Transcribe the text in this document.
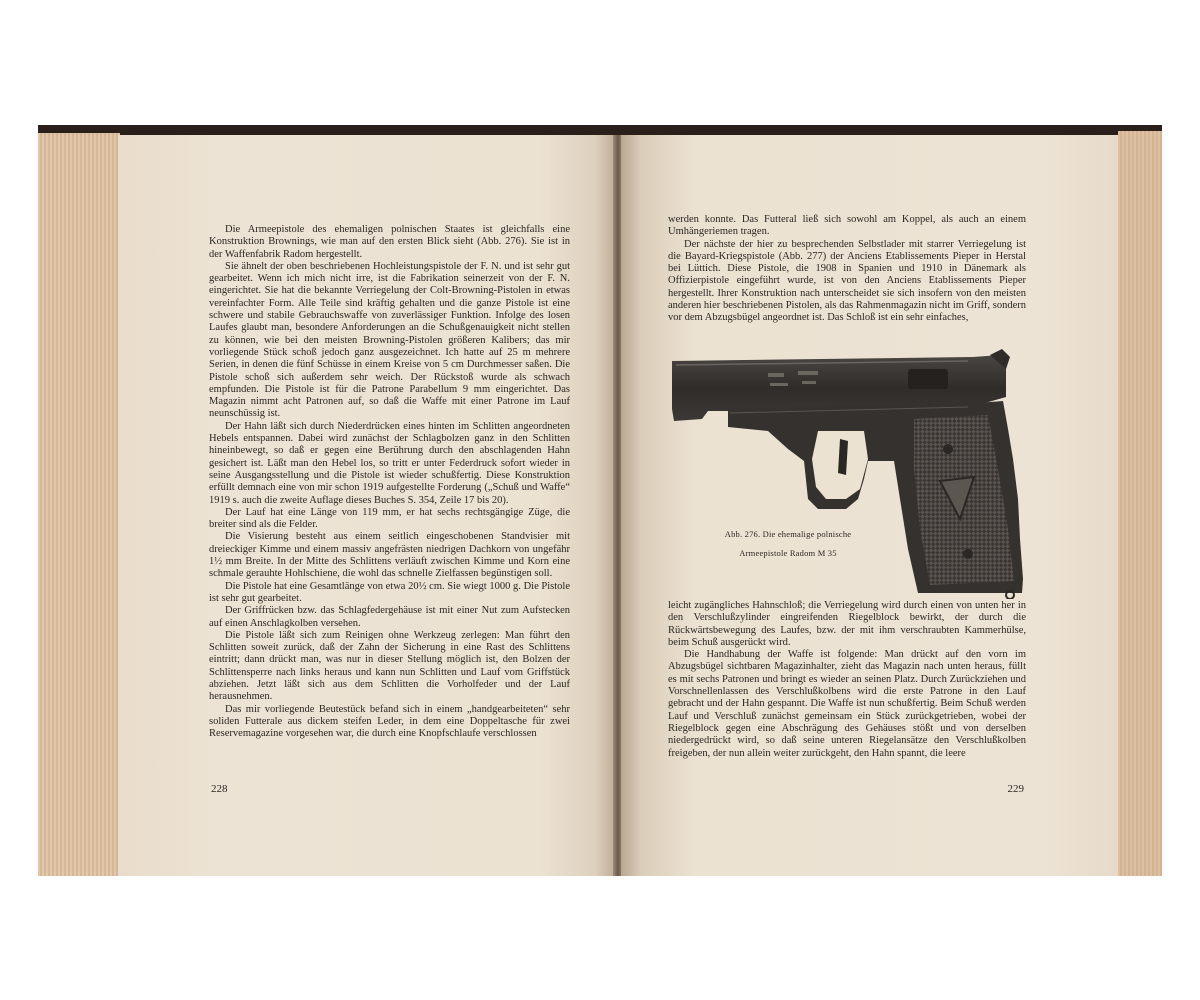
Die Armeepistole des ehemaligen polnischen Staates ist gleichfalls eine Konstruktion Brownings, wie man auf den ersten Blick sieht (Abb. 276). Sie ist in der Waffenfabrik Radom hergestellt.

Sie ähnelt der oben beschriebenen Hochleistungspistole der F. N. und ist sehr gut gearbeitet. Wenn ich mich nicht irre, ist die Fabrikation seinerzeit von der F. N. eingerichtet. Sie hat die bekannte Verriegelung der Colt-Browning-Pistolen in etwas vereinfachter Form. Alle Teile sind kräftig gehalten und die ganze Pistole ist eine schwere und stabile Gebrauchswaffe von zuverlässiger Funktion. Infolge des losen Laufes glaubt man, besondere Anforderungen an die Schußgenauigkeit nicht stellen zu können, wie bei den meisten Browning-Pistolen größeren Kalibers; das mir vorliegende Stück schoß jedoch ganz ausgezeichnet. Ich hatte auf 25 m mehrere Serien, in denen die fünf Schüsse in einem Kreise von 5 cm Durchmesser saßen. Die Pistole schoß sich außerdem sehr weich. Der Rückstoß wurde als schwach empfunden. Die Pistole ist für die Patrone Parabellum 9 mm eingerichtet. Das Magazin nimmt acht Patronen auf, so daß die Waffe mit einer Patrone im Lauf neunschüssig ist.

Der Hahn läßt sich durch Niederdrücken eines hinten im Schlitten angeordneten Hebels entspannen. Dabei wird zunächst der Schlagbolzen ganz in den Schlitten hineinbewegt, so daß er gegen eine Berührung durch den abschlagenden Hahn gesichert ist. Läßt man den Hebel los, so tritt er unter Federdruck sofort wieder in seine Ausgangsstellung und die Pistole ist wieder schußfertig. Diese Konstruktion erfüllt demnach eine von mir schon 1919 aufgestellte Forderung („Schuß und Waffe“ 1919 s. auch die zweite Auflage dieses Buches S. 354, Zeile 17 bis 20).

Der Lauf hat eine Länge von 119 mm, er hat sechs rechtsgängige Züge, die breiter sind als die Felder.

Die Visierung besteht aus einem seitlich eingeschobenen Standvisier mit dreieckiger Kimme und einem massiv angefrästen niedrigen Dachkorn von ungefähr 1½ mm Breite. In der Mitte des Schlittens verläuft zwischen Kimme und Korn eine schmale gerauhte Hohlschiene, die wohl das schnelle Zielfassen begünstigen soll.

Die Pistole hat eine Gesamtlänge von etwa 20½ cm. Sie wiegt 1000 g. Die Pistole ist sehr gut gearbeitet.

Der Griffrücken bzw. das Schlagfedergehäuse ist mit einer Nut zum Aufstecken auf einen Anschlagkolben versehen.

Die Pistole läßt sich zum Reinigen ohne Werkzeug zerlegen: Man führt den Schlitten soweit zurück, daß der Zahn der Sicherung in eine Rast des Schlittens eintritt; dann drückt man, was nur in dieser Stellung möglich ist, den Bolzen der Schlittensperre nach links heraus und kann nun Schlitten und Lauf vom Griffstück abziehen. Jetzt läßt sich aus dem Schlitten die Vorholfeder und der Lauf herausnehmen.

Das mir vorliegende Beutestück befand sich in einem „handgearbeiteten“ sehr soliden Futterale aus dickem steifen Leder, in dem eine Doppeltasche für zwei Reservemagazine vorgesehen war, die durch eine Knopfschlaufe verschlossen

228

werden konnte. Das Futteral ließ sich sowohl am Koppel, als auch an einem Umhängeriemen tragen.

Der nächste der hier zu besprechenden Selbstlader mit starrer Verriegelung ist die Bayard-Kriegspistole (Abb. 277) der Anciens Etablissements Pieper in Herstal bei Lüttich. Diese Pistole, die 1908 in Spanien und 1910 in Dänemark als Offizierpistole eingeführt wurde, ist von den Anciens Etablissements Pieper hergestellt. Ihrer Konstruktion nach unterscheidet sie sich insofern von den meisten anderen hier beschriebenen Pistolen, als das Rahmenmagazin nicht im Griff, sondern vor dem Abzugsbügel angeordnet ist. Das Schloß ist ein sehr einfaches,

Abb. 276. Die ehemalige polnische
Armeepistole Radom M 35

leicht zugängliches Hahnschloß; die Verriegelung wird durch einen von unten her in den Verschlußzylinder eingreifenden Riegelblock bewirkt, der durch die Rückwärtsbewegung des Laufes, bzw. der mit ihm verschraubten Kammerhülse, beim Schuß ausgerückt wird.

Die Handhabung der Waffe ist folgende: Man drückt auf den vorn im Abzugsbügel sichtbaren Magazinhalter, zieht das Magazin nach unten heraus, füllt es mit sechs Patronen und bringt es wieder an seinen Platz. Durch Zurückziehen und Vorschnellenlassen des Verschlußkolbens wird die erste Patrone in den Lauf gebracht und der Hahn gespannt. Die Waffe ist nun schußfertig. Beim Schuß werden Lauf und Verschluß zunächst gemeinsam ein Stück zurückgetrieben, wobei der Riegelblock gegen eine Abschrägung des Gehäuses stößt und von derselben niedergedrückt wird, so daß seine unteren Riegelansätze den Verschlußkolben freigeben, der nun allein weiter zurückgeht, den Hahn spannt, die leere

229
